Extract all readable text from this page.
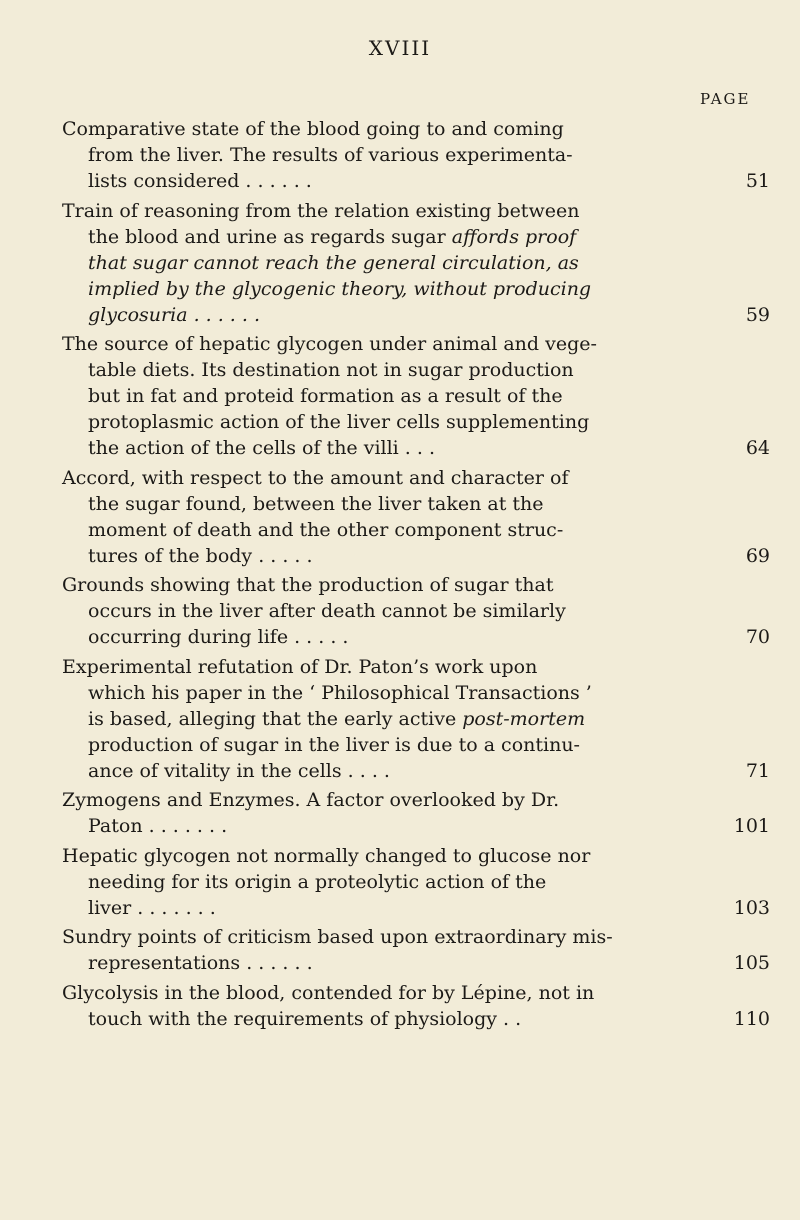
XVIII
PAGE
Comparative state of the blood going to and coming
from the liver. The results of various experimenta-
lists considered . . . . . .	51
Train of reasoning from the relation existing between
the blood and urine as regards sugar affords proof
that sugar cannot reach the general circulation, as
implied by the glycogenic theory, without producing
glycosuria . . . . . .	59
The source of hepatic glycogen under animal and vege-
table diets. Its destination not in sugar production
but in fat and proteid formation as a result of the
protoplasmic action of the liver cells supplementing
the action of the cells of the villi . . .	64
Accord, with respect to the amount and character of
the sugar found, between the liver taken at the
moment of death and the other component struc-
tures of the body . . . . .	69
Grounds showing that the production of sugar that
occurs in the liver after death cannot be similarly
occurring during life . . . . .	70
Experimental refutation of Dr. Paton’s work upon
which his paper in the ‘ Philosophical Transactions ’
is based, alleging that the early active post-mortem
production of sugar in the liver is due to a continu-
ance of vitality in the cells . . . .	71
Zymogens and Enzymes. A factor overlooked by Dr.
Paton . . . . . . .	101
Hepatic glycogen not normally changed to glucose nor
needing for its origin a proteolytic action of the
liver . . . . . . .	103
Sundry points of criticism based upon extraordinary mis-
representations . . . . . .	105
Glycolysis in the blood, contended for by Lépine, not in
touch with the requirements of physiology . .	110
